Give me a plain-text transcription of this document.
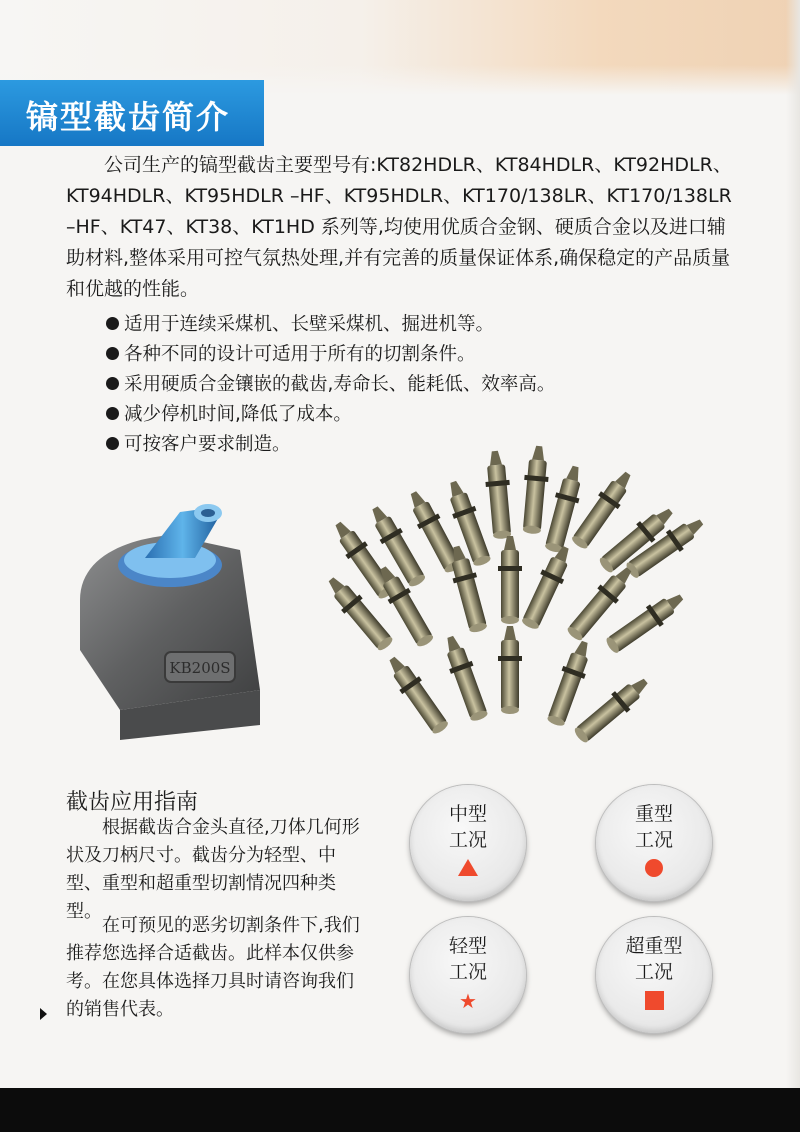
镐型截齿简介

公司生产的镐型截齿主要型号有:KT82HDLR、KT84HDLR、KT92HDLR、KT94HDLR、KT95HDLR –HF、KT95HDLR、KT170/138LR、KT170/138LR –HF、KT47、KT38、KT1HD 系列等,均使用优质合金钢、硬质合金以及进口辅助材料,整体采用可控气氛热处理,并有完善的质量保证体系,确保稳定的产品质量和优越的性能。

适用于连续采煤机、长壁采煤机、掘进机等。
各种不同的设计可适用于所有的切割条件。
采用硬质合金镶嵌的截齿,寿命长、能耗低、效率高。
减少停机时间,降低了成本。
可按客户要求制造。
KB200S
截齿应用指南

根据截齿合金头直径,刀体几何形状及刀柄尺寸。截齿分为轻型、中型、重型和超重型切割情况四种类型。

在可预见的恶劣切割条件下,我们推荐您选择合适截齿。此样本仅供参考。在您具体选择刀具时请咨询我们的销售代表。

中型
工况
重型
工况
轻型
工况
★
超重型
工况
